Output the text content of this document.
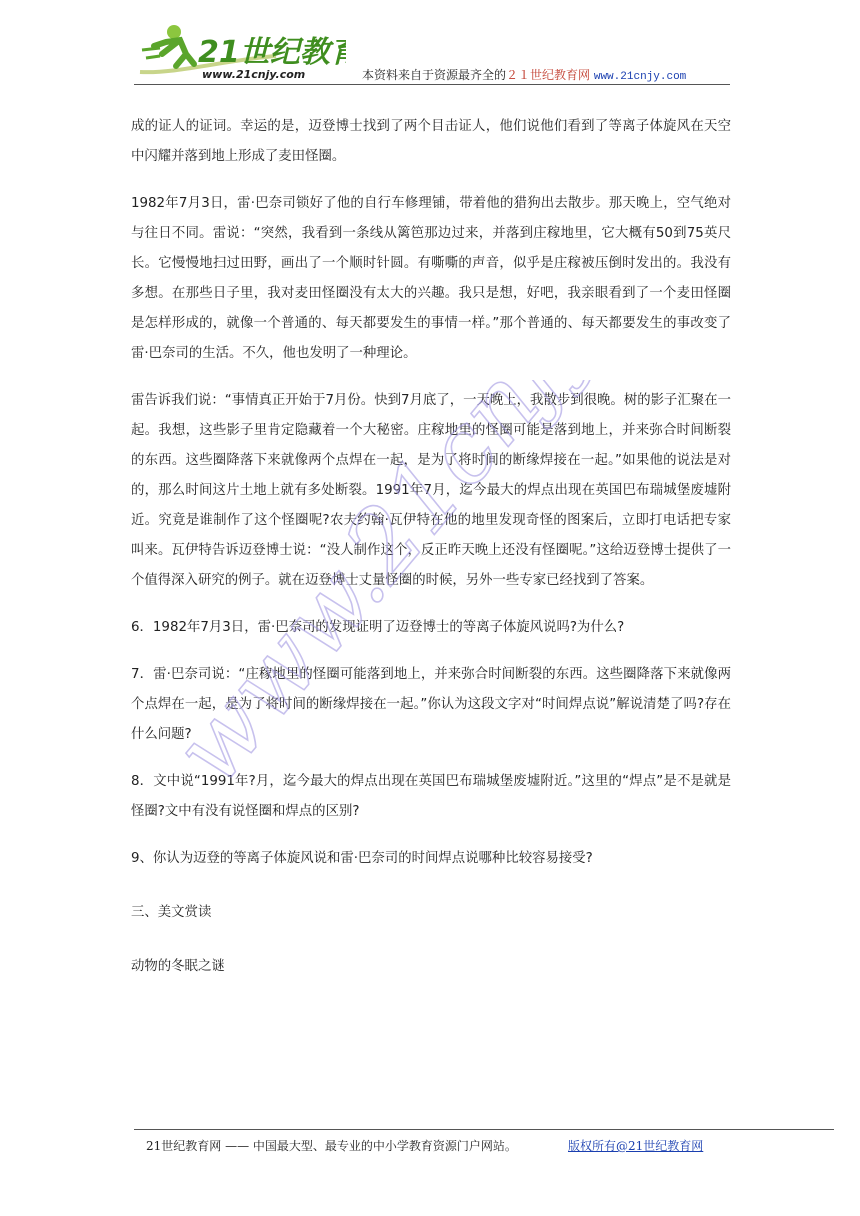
21世纪教育
www.21cnjy.com	本资料来自于资源最齐全的２１世纪教育网 www.21cnjy.com

成的证人的证词。幸运的是，迈登博士找到了两个目击证人，他们说他们看到了等离子体旋风在天空中闪耀并落到地上形成了麦田怪圈。

1982年7月3日，雷·巴奈司锁好了他的自行车修理铺，带着他的猎狗出去散步。那天晚上，空气绝对与往日不同。雷说：“突然，我看到一条线从篱笆那边过来，并落到庄稼地里，它大概有50到75英尺长。它慢慢地扫过田野，画出了一个顺时针圆。有嘶嘶的声音，似乎是庄稼被压倒时发出的。我没有多想。在那些日子里，我对麦田怪圈没有太大的兴趣。我只是想，好吧，我亲眼看到了一个麦田怪圈是怎样形成的，就像一个普通的、每天都要发生的事情一样。”那个普通的、每天都要发生的事改变了雷·巴奈司的生活。不久，他也发明了一种理论。

雷告诉我们说：“事情真正开始于7月份。快到7月底了，一天晚上，我散步到很晚。树的影子汇聚在一起。我想，这些影子里肯定隐藏着一个大秘密。庄稼地里的怪圈可能是落到地上，并来弥合时间断裂的东西。这些圈降落下来就像两个点焊在一起，是为了将时间的断缘焊接在一起。”如果他的说法是对的，那么时间这片土地上就有多处断裂。1991年7月，迄今最大的焊点出现在英国巴布瑞城堡废墟附近。究竟是谁制作了这个怪圈呢?农夫约翰·瓦伊特在他的地里发现奇怪的图案后，立即打电话把专家叫来。瓦伊特告诉迈登博士说：“没人制作这个，反正昨天晚上还没有怪圈呢。”这给迈登博士提供了一个值得深入研究的例子。就在迈登博士丈量怪圈的时候，另外一些专家已经找到了答案。

6．1982年7月3日，雷·巴奈司的发现证明了迈登博士的等离子体旋风说吗?为什么?

7．雷·巴奈司说：“庄稼地里的怪圈可能落到地上，并来弥合时间断裂的东西。这些圈降落下来就像两个点焊在一起，是为了将时间的断缘焊接在一起。”你认为这段文字对“时间焊点说”解说清楚了吗?存在什么问题?

8．文中说“1991年?月，迄今最大的焊点出现在英国巴布瑞城堡废墟附近。”这里的“焊点”是不是就是怪圈?文中有没有说怪圈和焊点的区别?

9、你认为迈登的等离子体旋风说和雷·巴奈司的时间焊点说哪种比较容易接受?

三、美文赏读

动物的冬眠之谜

www.21cnjy.com
21世纪教育网 —— 中国最大型、最专业的中小学教育资源门户网站。	版权所有@21世纪教育网
